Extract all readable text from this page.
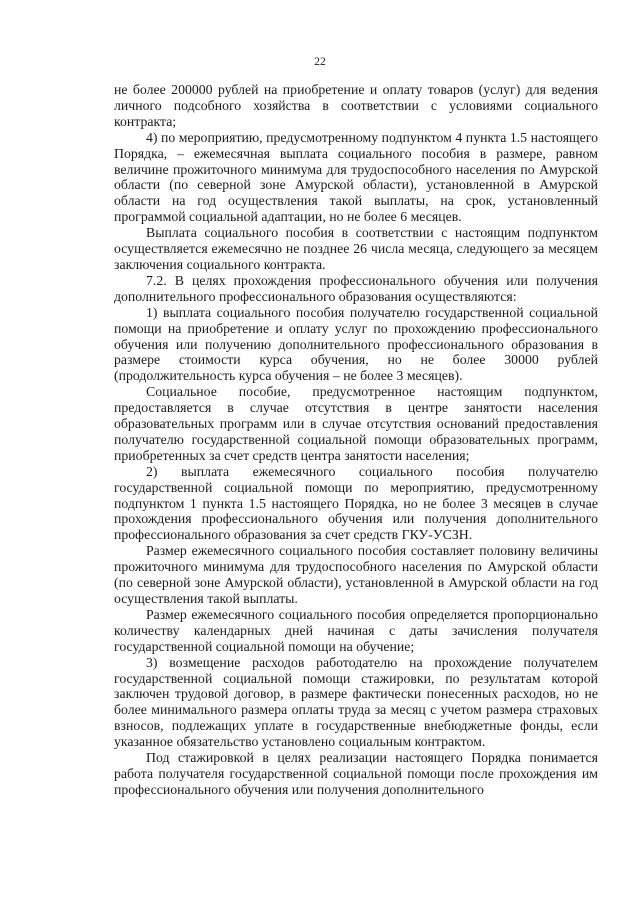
22

не более 200000 рублей на приобретение и оплату товаров (услуг) для ведения личного подсобного хозяйства в соответствии с условиями социального контракта;

4) по мероприятию, предусмотренному подпунктом 4 пункта 1.5 настоящего Порядка, – ежемесячная выплата социального пособия в размере, равном величине прожиточного минимума для трудоспособного населения по Амурской области (по северной зоне Амурской области), установленной в Амурской области на год осуществления такой выплаты, на срок, установленный программой социальной адаптации, но не более 6 месяцев.

Выплата социального пособия в соответствии с настоящим подпунктом осуществляется ежемесячно не позднее 26 числа месяца, следующего за месяцем заключения социального контракта.

7.2. В целях прохождения профессионального обучения или получения дополнительного профессионального образования осуществляются:

1) выплата социального пособия получателю государственной социальной помощи на приобретение и оплату услуг по прохождению профессионального обучения или получению дополнительного профессионального образования в размере стоимости курса обучения, но не более 30000 рублей (продолжительность курса обучения – не более 3 месяцев).

Социальное пособие, предусмотренное настоящим подпунктом, предоставляется в случае отсутствия в центре занятости населения образовательных программ или в случае отсутствия оснований предоставления получателю государственной социальной помощи образовательных программ, приобретенных за счет средств центра занятости населения;

2) выплата ежемесячного социального пособия получателю государственной социальной помощи по мероприятию, предусмотренному подпунктом 1 пункта 1.5 настоящего Порядка, но не более 3 месяцев в случае прохождения профессионального обучения или получения дополнительного профессионального образования за счет средств ГКУ-УСЗН.

Размер ежемесячного социального пособия составляет половину величины прожиточного минимума для трудоспособного населения по Амурской области (по северной зоне Амурской области), установленной в Амурской области на год осуществления такой выплаты.

Размер ежемесячного социального пособия определяется пропорционально количеству календарных дней начиная с даты зачисления получателя государственной социальной помощи на обучение;

3) возмещение расходов работодателю на прохождение получателем государственной социальной помощи стажировки, по результатам которой заключен трудовой договор, в размере фактически понесенных расходов, но не более минимального размера оплаты труда за месяц с учетом размера страховых взносов, подлежащих уплате в государственные внебюджетные фонды, если указанное обязательство установлено социальным контрактом.

Под стажировкой в целях реализации настоящего Порядка понимается работа получателя государственной социальной помощи после прохождения им профессионального обучения или получения дополнительного
